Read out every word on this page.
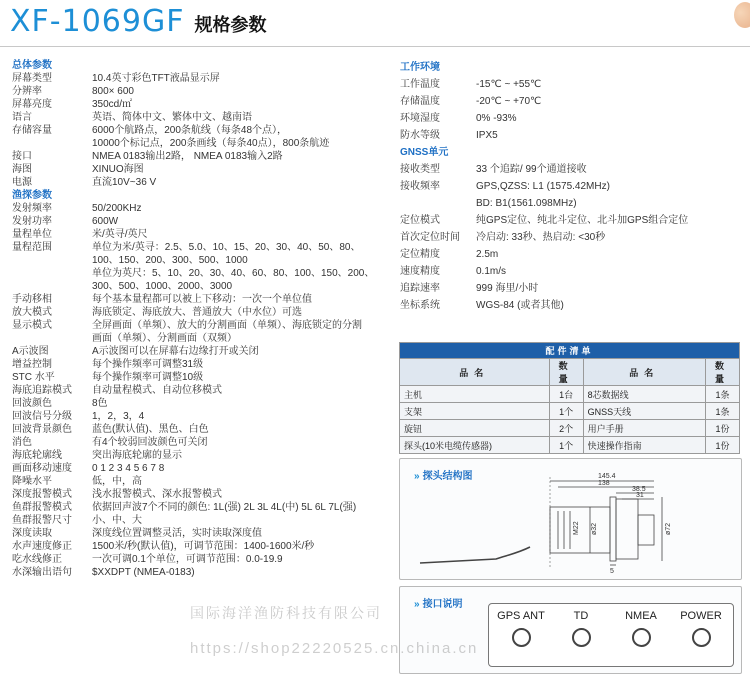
XF-1069GF 规格参数
总体参数
屏幕类型	10.4英寸彩色TFT液晶显示屏
分辨率	800× 600
屏幕亮度	350cd/㎡
语言	英语、简体中文、繁体中文、越南语
存储容量	6000个航路点，200条航线（每条48个点），
10000个标记点，200条画线（每条40点），800条航迹
接口	NMEA 0183输出2路， NMEA 0183输入2路
海图	XINUO海图
电源	直流10V~36 V
渔探参数
发射频率	50/200KHz
发射功率	600W
量程单位	米/英寻/英尺
量程范围	单位为米/英寻：2.5、5.0、10、15、20、30、40、50、80、
100、150、200、300、500、1000
单位为英尺：5、10、20、30、40、60、80、100、150、200、
300、500、1000、2000、3000
手动移相	每个基本量程都可以被上下移动：一次一个单位值
放大模式	海底锁定、海底放大、普通放大（中水位）可选
显示模式	全屏画面（单频）、放大的分割画面（单频）、海底锁定的分割
画面（单频）、分割画面（双频）
A示波图	A示波图可以在屏幕右边缘打开或关闭
增益控制	每个操作频率可调整31级
STC 水平	每个操作频率可调整10级
海底追踪模式	自动量程模式、自动位移模式
回波颜色	8色
回波信号分级	1，2，3，4
回波背景颜色	蓝色(默认值)、黑色、白色
消色	有4个较弱回波颜色可关闭
海底轮廓线	突出海底轮廓的显示
画面移动速度	0 1 2 3 4 5 6 7 8
降噪水平	低，中，高
深度报警模式	浅水报警模式、深水报警模式
鱼群报警模式	依据回声波7个不同的颜色: 1L(强) 2L 3L 4L(中) 5L 6L 7L(强)
鱼群报警尺寸	小、中、大
深度读取	深度线位置调整灵活，实时读取深度值
水声速度修正	1500米/秒(默认值)，可调节范围：1400-1600米/秒
吃水线修正	一次可调0.1个单位，可调节范围：0.0-19.9
水深输出语句	$XXDPT (NMEA-0183)
工作环境
工作温度	-15℃ ~ +55℃
存储温度	-20℃ ~ +70℃
环境湿度	0% -93%
防水等级	IPX5
GNSS单元
接收类型	33 个追踪/ 99个通道接收
接收频率	GPS,QZSS: L1 (1575.42MHz)
BD: B1(1561.098MHz)
定位模式	纯GPS定位、纯北斗定位、北斗加GPS组合定位
首次定位时间	冷启动: 33秒、热启动: <30秒
定位精度	2.5m
速度精度	0.1m/s
追踪速率	999 海里/小时
坐标系统	WGS-84 (或者其他)
配件清单			
品名	数量	品名	数量
主机	1台	8芯数据线	1条
支架	1个	GNSS天线	1条
旋钮	2个	用户手册	1份
探头(10米电缆传感器)	1个	快速操作指南	1份
» 探头结构图	145.4
138
38.5
31
5
M22 ø32	ø72
» 接口说明
GPS ANT	TD	NMEA	POWER
国际海洋渔防科技有限公司
https://shop22220525.cn.china.cn
